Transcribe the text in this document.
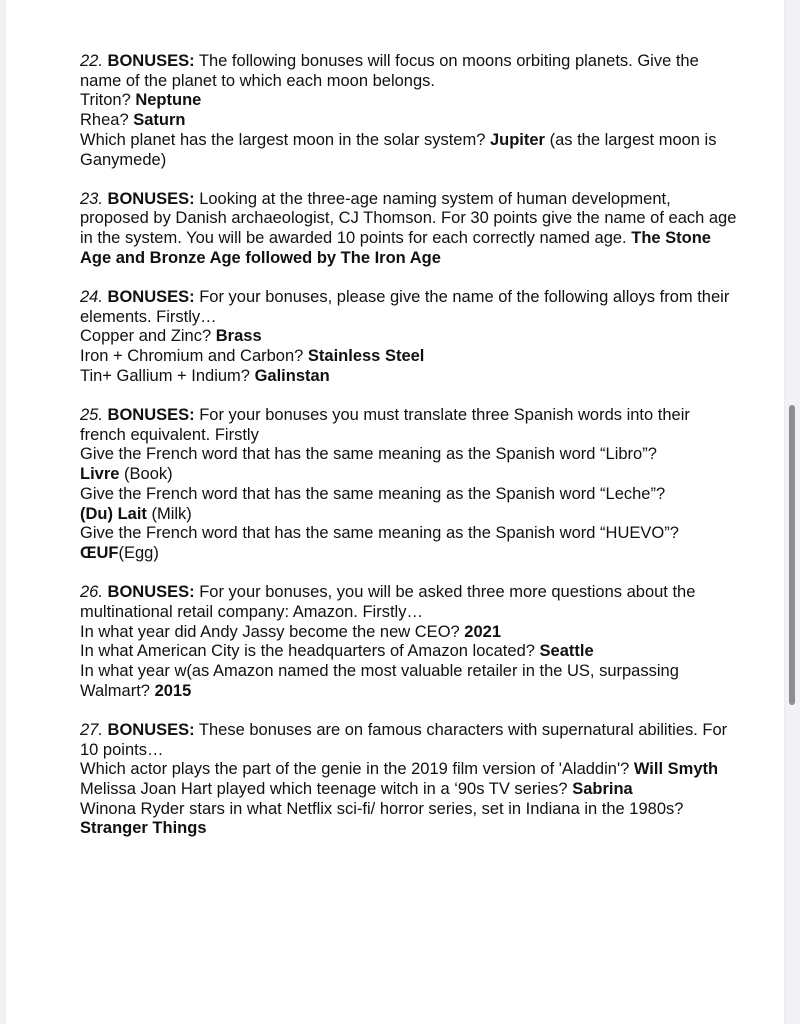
22. BONUSES: The following bonuses will focus on moons orbiting planets. Give the name of the planet to which each moon belongs.
Triton? Neptune
Rhea? Saturn
Which planet has the largest moon in the solar system? Jupiter (as the largest moon is Ganymede)
23. BONUSES: Looking at the three-age naming system of human development, proposed by Danish archaeologist, CJ Thomson. For 30 points give the name of each age in the system. You will be awarded 10 points for each correctly named age. The Stone Age and Bronze Age followed by The Iron Age
24. BONUSES: For your bonuses, please give the name of the following alloys from their elements. Firstly…
Copper and Zinc? Brass
Iron + Chromium and Carbon? Stainless Steel
Tin+ Gallium + Indium? Galinstan
25. BONUSES: For your bonuses you must translate three Spanish words into their french equivalent. Firstly
Give the French word that has the same meaning as the Spanish word “Libro”?
Livre (Book)
Give the French word that has the same meaning as the Spanish word “Leche”?
(Du) Lait (Milk)
Give the French word that has the same meaning as the Spanish word “HUEVO”?
ŒUF(Egg)
26. BONUSES: For your bonuses, you will be asked three more questions about the multinational retail company: Amazon. Firstly…
In what year did Andy Jassy become the new CEO? 2021
In what American City is the headquarters of Amazon located? Seattle
In what year w(as Amazon named the most valuable retailer in the US, surpassing Walmart? 2015
27. BONUSES: These bonuses are on famous characters with supernatural abilities. For 10 points…
Which actor plays the part of the genie in the 2019 film version of 'Aladdin'? Will Smyth
Melissa Joan Hart played which teenage witch in a ‘90s TV series? Sabrina
Winona Ryder stars in what Netflix sci-fi/ horror series, set in Indiana in the 1980s?
Stranger Things
